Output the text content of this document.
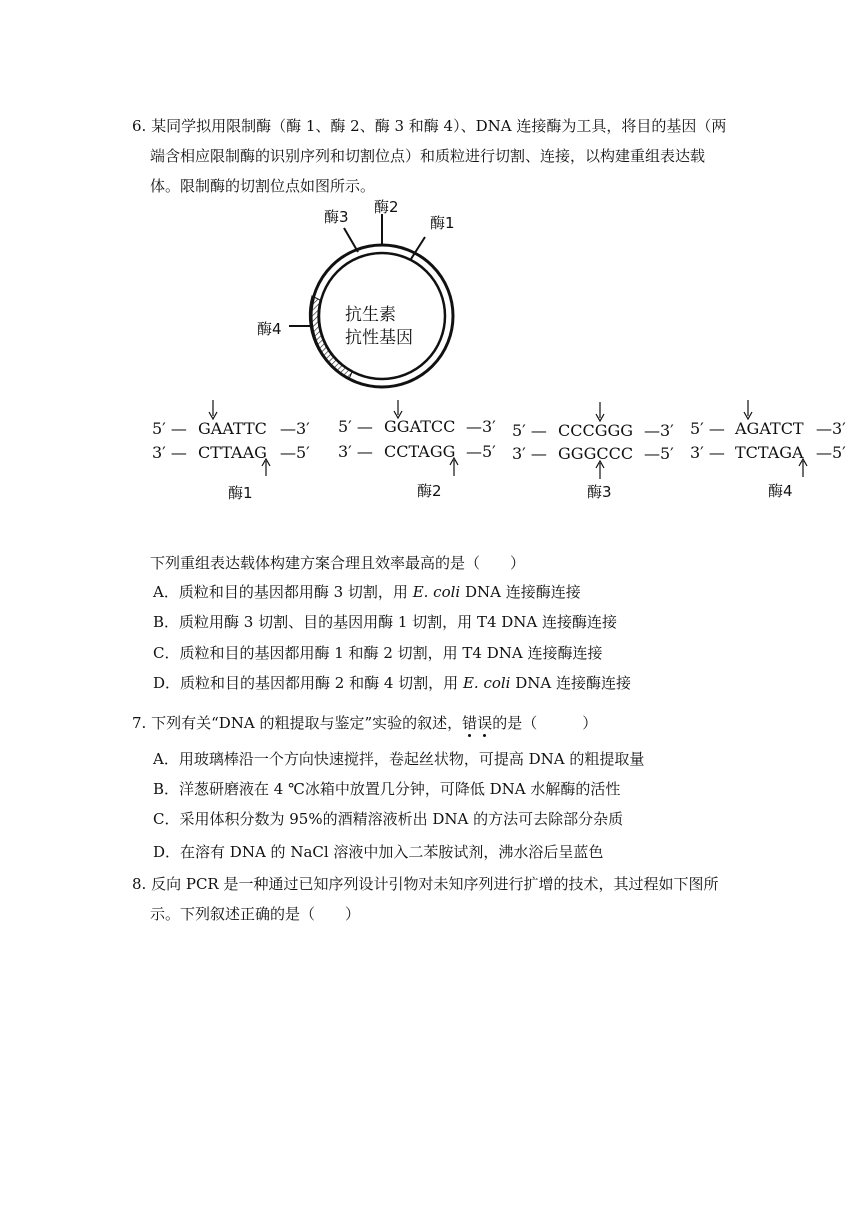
6. 某同学拟用限制酶（酶 1、酶 2、酶 3 和酶 4）、DNA 连接酶为工具，将目的基因（两
端含相应限制酶的识别序列和切割位点）和质粒进行切割、连接，以构建重组表达载
体。限制酶的切割位点如图所示。
酶3
酶2
酶1
酶4
抗生素
抗性基因
5′ — GAATTC —3′
3′ — CTTAAG —5′
酶1
5′ — GGATCC —3′
3′ — CCTAGG —5′
酶2
5′ — CCCGGG —3′
3′ — GGGCCC —5′
酶3
5′ — AGATCT —3′
3′ — TCTAGA —5′
酶4
下列重组表达载体构建方案合理且效率最高的是（　　）
A．质粒和目的基因都用酶 3 切割，用 E. coli DNA 连接酶连接
B．质粒用酶 3 切割、目的基因用酶 1 切割，用 T4 DNA 连接酶连接
C．质粒和目的基因都用酶 1 和酶 2 切割，用 T4 DNA 连接酶连接
D．质粒和目的基因都用酶 2 和酶 4 切割，用 E. coli DNA 连接酶连接
7. 下列有关“DNA 的粗提取与鉴定”实验的叙述，错误的是（　　　）
A．用玻璃棒沿一个方向快速搅拌，卷起丝状物，可提高 DNA 的粗提取量
B．洋葱研磨液在 4 ℃冰箱中放置几分钟，可降低 DNA 水解酶的活性
C．采用体积分数为 95%的酒精溶液析出 DNA 的方法可去除部分杂质
D．在溶有 DNA 的 NaCl 溶液中加入二苯胺试剂，沸水浴后呈蓝色
8. 反向 PCR 是一种通过已知序列设计引物对未知序列进行扩增的技术，其过程如下图所
示。下列叙述正确的是（　　）
